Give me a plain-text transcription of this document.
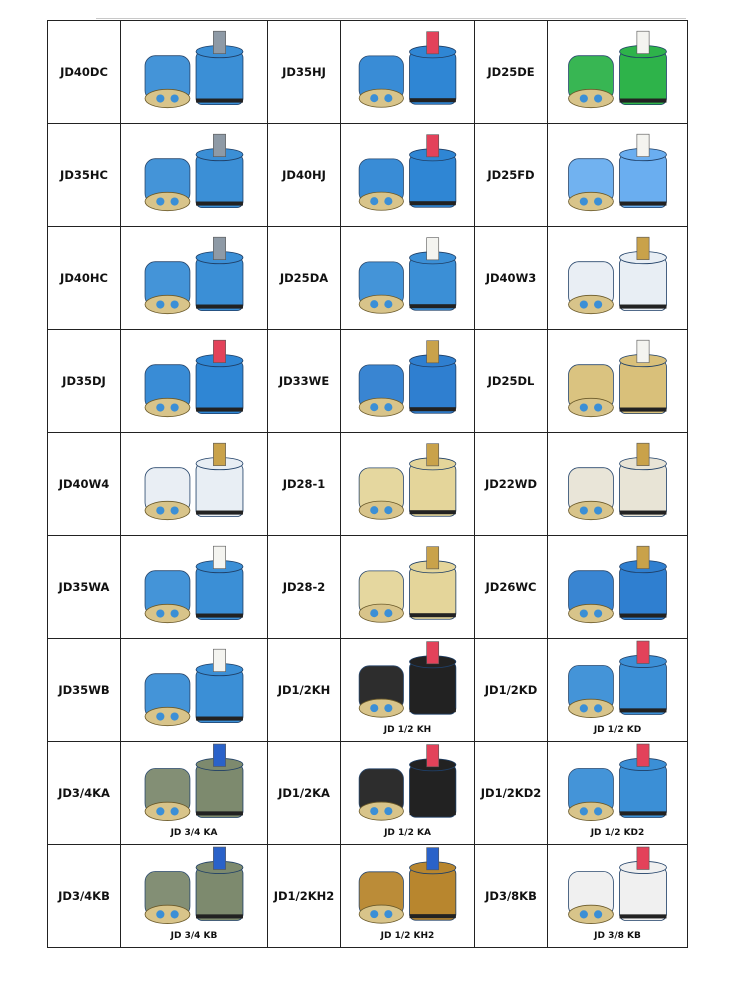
JD40DC		JD35HJ		JD25DE	

JD35HC		JD40HJ		JD25FD	

JD40HC		JD25DA		JD40W3	

JD35DJ		JD33WE		JD25DL	

JD40W4		JD28-1		JD22WD	

JD35WA		JD28-2		JD26WC	

JD35WB		JD1/2KH	JD 1/2 KH	JD1/2KD	JD 1/2 KD

JD3/4KA	JD 3/4 KA	JD1/2KA	JD 1/2 KA	JD1/2KD2	JD 1/2 KD2

JD3/4KB	JD 3/4 KB	JD1/2KH2	JD 1/2 KH2	JD3/8KB	JD 3/8 KB
